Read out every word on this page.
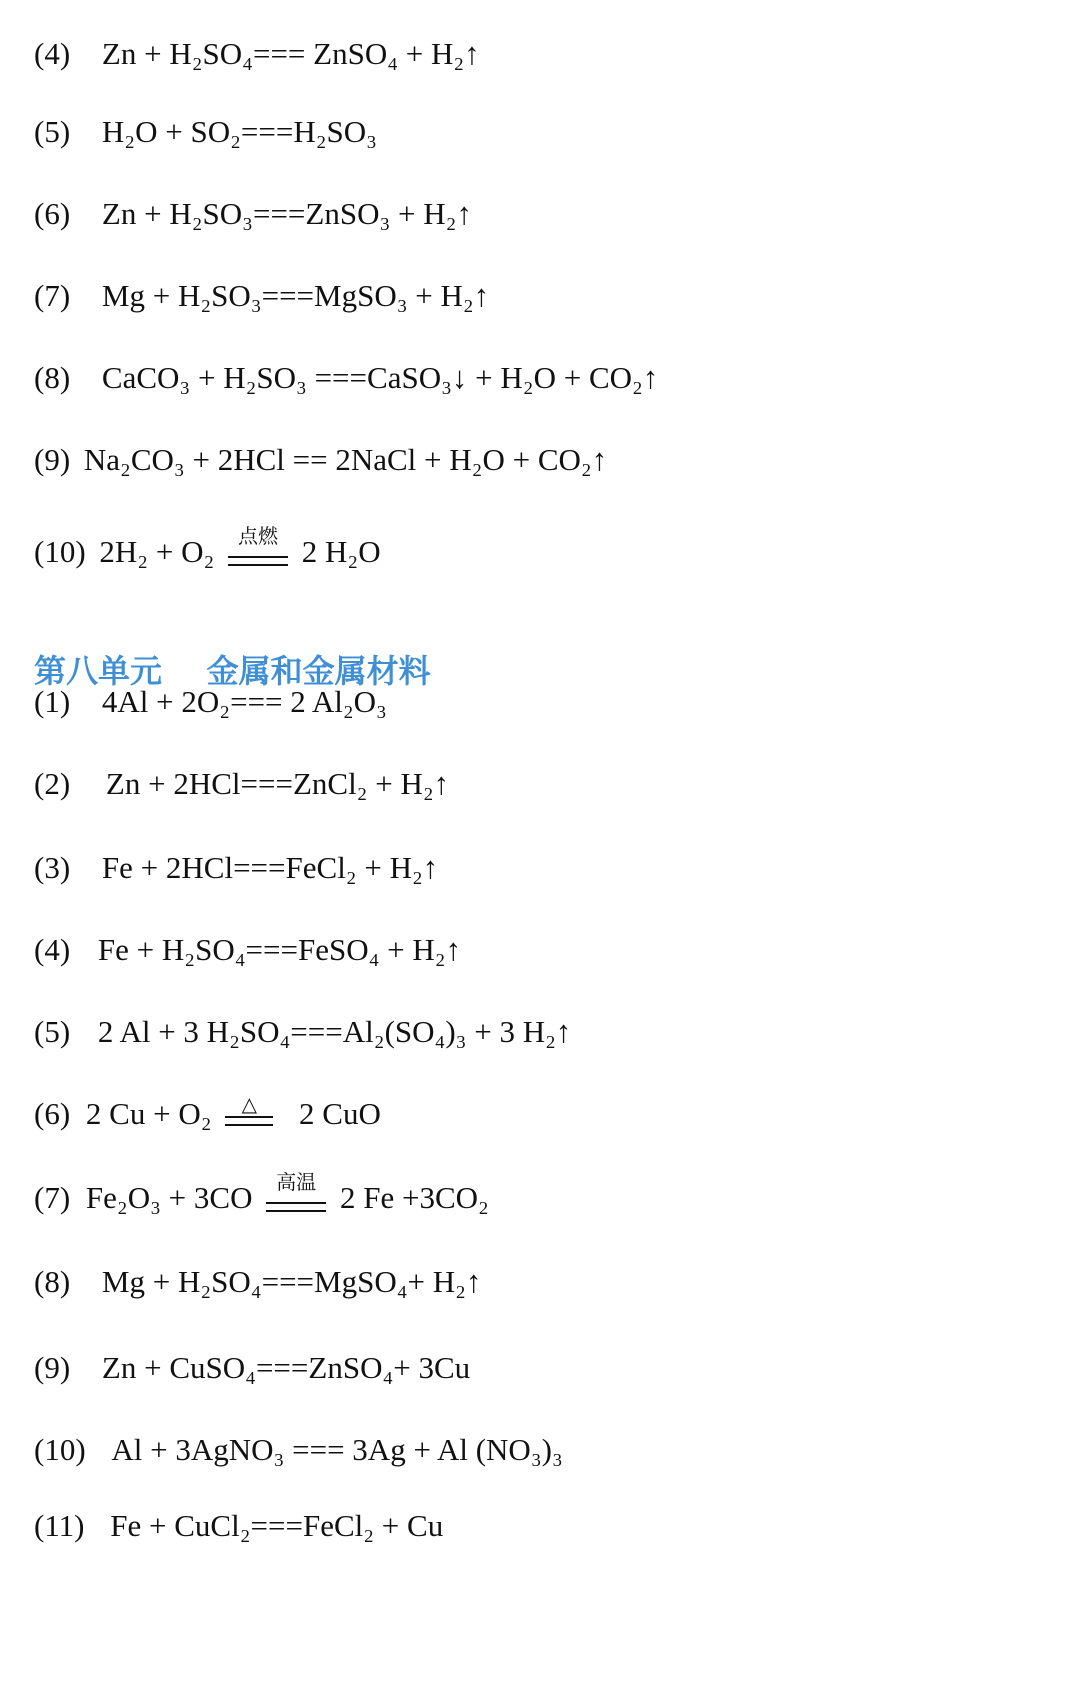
(4) Zn + H₂SO₄=== ZnSO₄ + H₂↑
(5) H₂O + SO₂===H₂SO₃
(6) Zn + H₂SO₃===ZnSO₃ + H₂↑
(7) Mg + H₂SO₃===MgSO₃ + H₂↑
(8) CaCO₃ + H₂SO₃ ===CaSO₃↓ + H₂O + CO₂↑
(9) Na₂CO₃ + 2HCl == 2NaCl + H₂O + CO₂↑
(10) 2H₂ + O₂	点燃 2 H₂O
第八单元    金属和金属材料
(1) 4Al + 2O₂=== 2 Al₂O₃
(2) Zn + 2HCl===ZnCl₂ + H₂↑
(3) Fe + 2HCl===FeCl₂ + H₂↑
(4) Fe + H₂SO₄===FeSO₄ + H₂↑
(5) 2 Al + 3 H₂SO₄===Al₂(SO₄)₃ + 3 H₂↑
(6) 2 Cu + O₂	△	2 CuO
(7) Fe₂O₃ + 3CO	高温 2 Fe +3CO₂
(8) Mg + H₂SO₄===MgSO₄+ H₂↑
(9) Zn + CuSO₄===ZnSO₄+ 3Cu
(10) Al + 3AgNO₃ === 3Ag + Al (NO₃)₃
(11) Fe + CuCl₂===FeCl₂ + Cu
